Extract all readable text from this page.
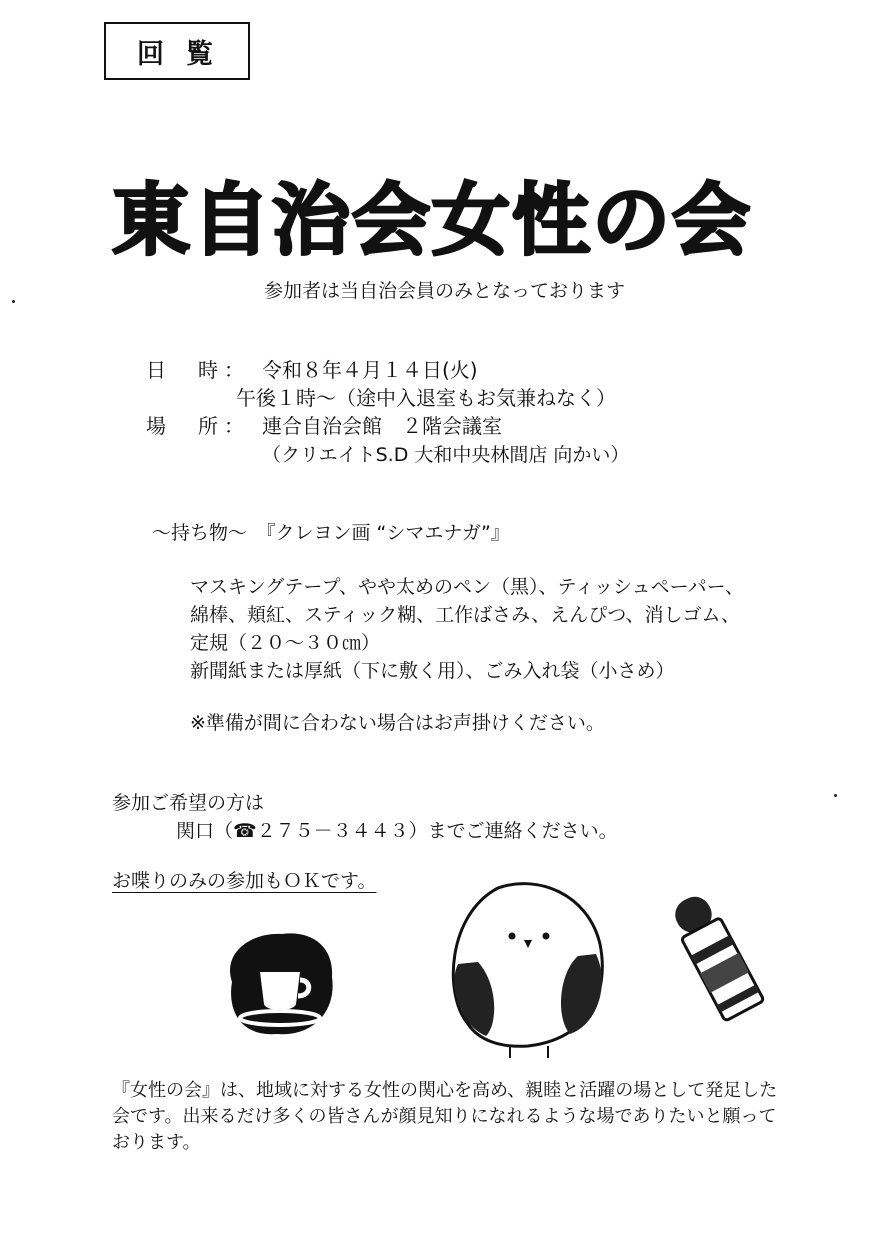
回覧
東自治会女性の会
参加者は当自治会員のみとなっております
日　時： 令和８年４月１４日(火)
午後１時～（途中入退室もお気兼ねなく）
場　所： 連合自治会館　２階会議室
（クリエイトS.D 大和中央林間店 向かい）
～持ち物～　『クレヨン画 “シマエナガ”』
マスキングテープ、やや太めのペン（黒）、ティッシュペーパー、
綿棒、頬紅、スティック糊、工作ばさみ、えんぴつ、消しゴム、
定規（２０～３０㎝）
新聞紙または厚紙（下に敷く用）、ごみ入れ袋（小さめ）
※準備が間に合わない場合はお声掛けください。
参加ご希望の方は
関口（☎２７５－３４４３）までご連絡ください。
お喋りのみの参加もＯＫです。
『女性の会』は、地域に対する女性の関心を高め、親睦と活躍の場として発足した会です。出来るだけ多くの皆さんが顔見知りになれるような場でありたいと願っております。
